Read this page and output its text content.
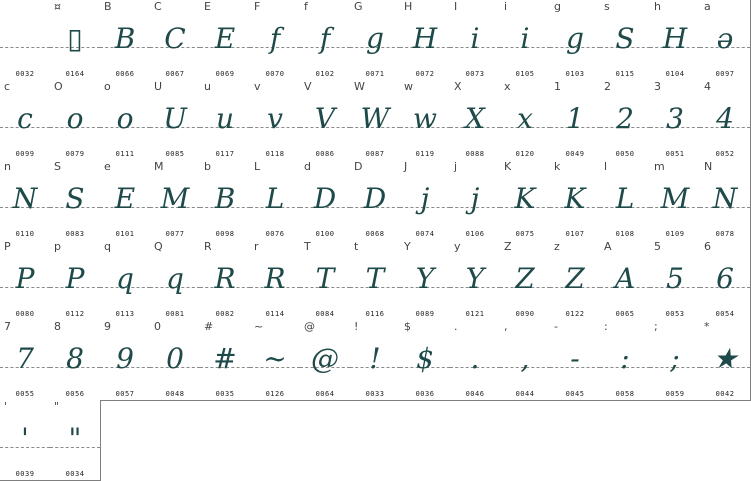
0032
¤
▯
0164
B
B
0066
C
C
0067
E
E
0069
F
f
0070
f
f
0102
G
g
0071
H
H
0072
I
i
0073
i
i
0105
g
g
0103
s
S
0115
h
H
0104
a
ə
0097
c
c
0099
O
o
0079
o
o
0111
U
U
0085
u
u
0117
v
v
0118
V
V
0086
W
W
0087
w
w
0119
X
X
0088
x
x
0120
1
1
0049
2
2
0050
3
3
0051
4
4
0052
n
N
0110
S
S
0083
e
E
0101
M
M
0077
b
B
0098
L
L
0076
d
D
0100
D
D
0068
J
j
0074
j
j
0106
K
K
0075
k
K
0107
l
L
0108
m
M
0109
N
N
0078
P
P
0080
p
P
0112
q
q
0113
Q
q
0081
R
R
0082
r
R
0114
T
T
0084
t
T
0116
Y
Y
0089
y
Y
0121
Z
Z
0090
z
Z
0122
A
A
0065
5
5
0053
6
6
0054
7
7
0055
8
8
0056
9
9
0057
0
0
0048
#
#
0035
~
~
0126
@
@
0064
!
!
0033
$
$
0036
.
.
0046
,
,
0044
-
-
0045
:
:
0058
;
;
0059
*
★
0042
'
'
0039
"
"
0034
